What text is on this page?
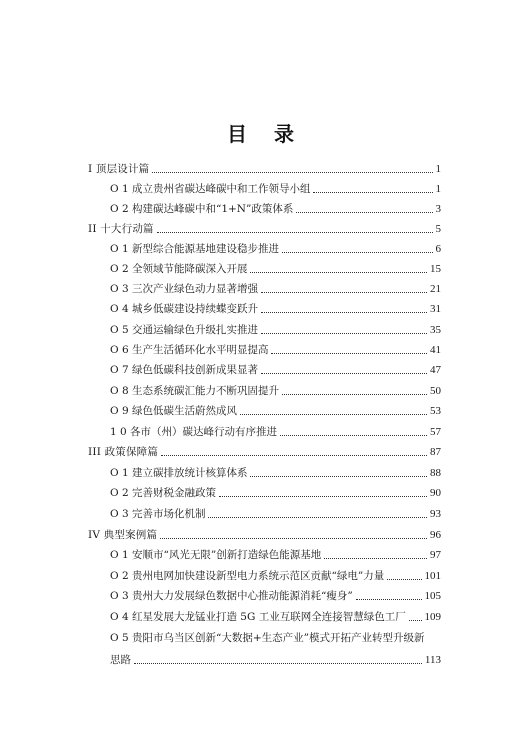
目 录
I 顶层设计篇	1
O 1 成立贵州省碳达峰碳中和工作领导小组	1
O 2 构建碳达峰碳中和“1+N”政策体系	3
II 十大行动篇	5
O 1 新型综合能源基地建设稳步推进	6
O 2 全领域节能降碳深入开展	15
O 3 三次产业绿色动力显著增强	21
O 4 城乡低碳建设持续蝶变跃升	31
O 5 交通运输绿色升级扎实推进	35
O 6 生产生活循环化水平明显提高	41
O 7 绿色低碳科技创新成果显著	47
O 8 生态系统碳汇能力不断巩固提升	50
O 9 绿色低碳生活蔚然成风	53
1 0 各市（州）碳达峰行动有序推进	57
III 政策保障篇	87
O 1 建立碳排放统计核算体系	88
O 2 完善财税金融政策	90
O 3 完善市场化机制	93
IV 典型案例篇	96
O 1 安顺市“风光无限”创新打造绿色能源基地	97
O 2 贵州电网加快建设新型电力系统示范区贡献“绿电”力量	101
O 3 贵州大力发展绿色数据中心推动能源消耗“瘦身”	105
O 4 红星发展大龙锰业打造 5G 工业互联网全连接智慧绿色工厂 109
O 5 贵阳市乌当区创新“大数据+生态产业”模式开拓产业转型升级新
思路	113
